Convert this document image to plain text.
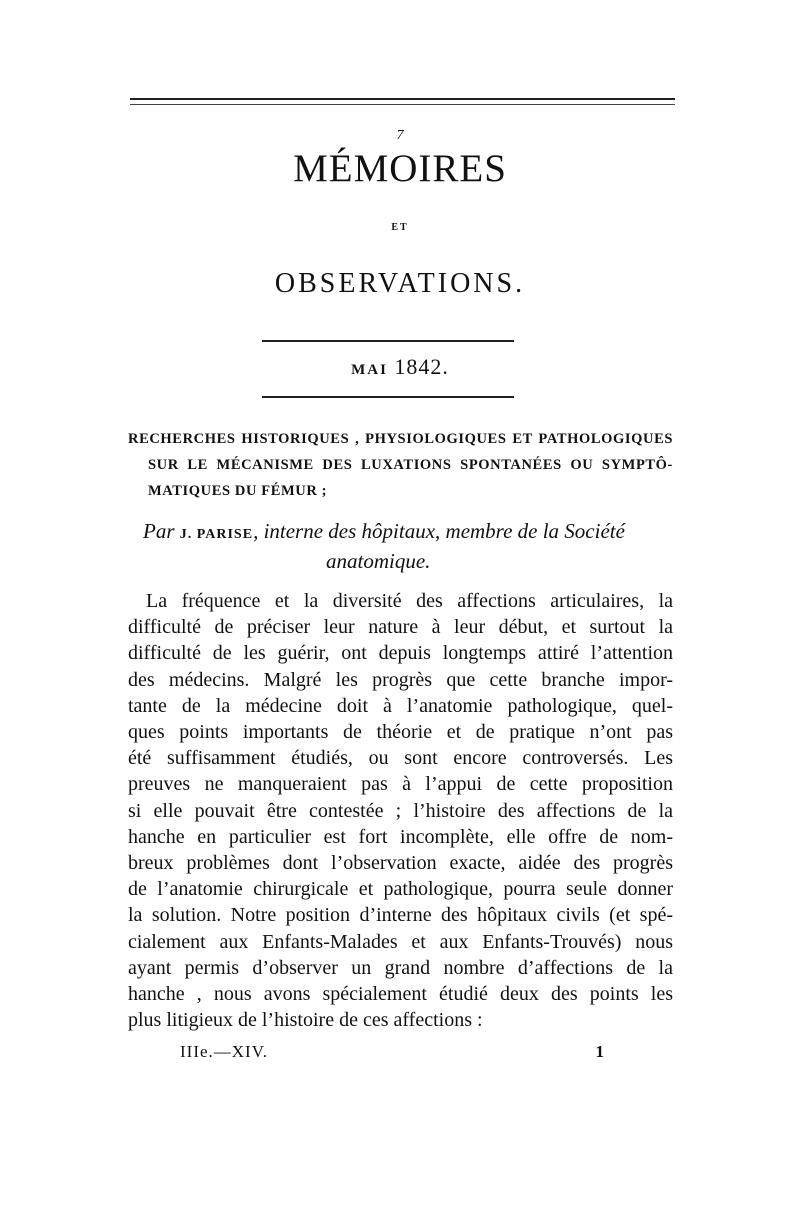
7
MÉMOIRES
ET
OBSERVATIONS.
MAI 1842.
RECHERCHES HISTORIQUES , PHYSIOLOGIQUES ET PATHOLOGIQUES
SUR LE MÉCANISME DES LUXATIONS SPONTANÉES OU SYMPTÔ-
MATIQUES DU FÉMUR ;
Par J. PARISE, interne des hôpitaux, membre de la Société
anatomique.
La fréquence et la diversité des affections articulaires, la
difficulté de préciser leur nature à leur début, et surtout la
difficulté de les guérir, ont depuis longtemps attiré l’attention
des médecins. Malgré les progrès que cette branche impor-
tante de la médecine doit à l’anatomie pathologique, quel-
ques points importants de théorie et de pratique n’ont pas
été suffisamment étudiés, ou sont encore controversés. Les
preuves ne manqueraient pas à l’appui de cette proposition
si elle pouvait être contestée ; l’histoire des affections de la
hanche en particulier est fort incomplète, elle offre de nom-
breux problèmes dont l’observation exacte, aidée des progrès
de l’anatomie chirurgicale et pathologique, pourra seule donner
la solution. Notre position d’interne des hôpitaux civils (et spé-
cialement aux Enfants-Malades et aux Enfants-Trouvés) nous
ayant permis d’observer un grand nombre d’affections de la
hanche , nous avons spécialement étudié deux des points les
plus litigieux de l’histoire de ces affections :
IIIe.—XIV.	1
